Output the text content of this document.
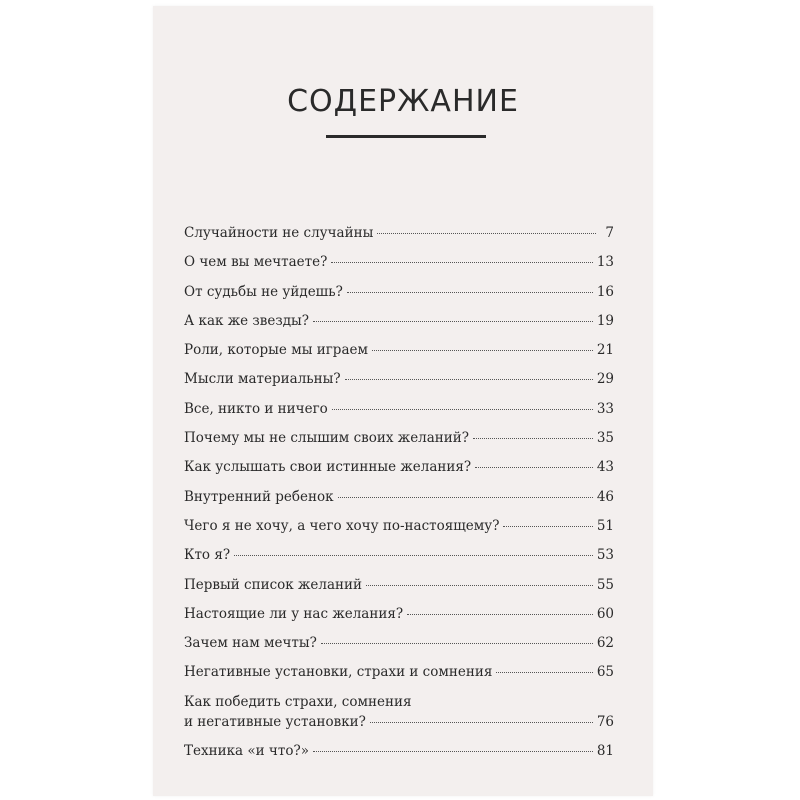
СОДЕРЖАНИЕ
Случайности не случайны	7
О чем вы мечтаете?	13
От судьбы не уйдешь?	16
А как же звезды?	19
Роли, которые мы играем	21
Мысли материальны?	29
Все, никто и ничего	33
Почему мы не слышим своих желаний?	35
Как услышать свои истинные желания?	43
Внутренний ребенок	46
Чего я не хочу, а чего хочу по-настоящему?	51
Кто я?	53
Первый список желаний	55
Настоящие ли у нас желания?	60
Зачем нам мечты?	62
Негативные установки, страхи и сомнения	65
Как победить страхи, сомнения
и негативные установки?	76
Техника «и что?»	81
